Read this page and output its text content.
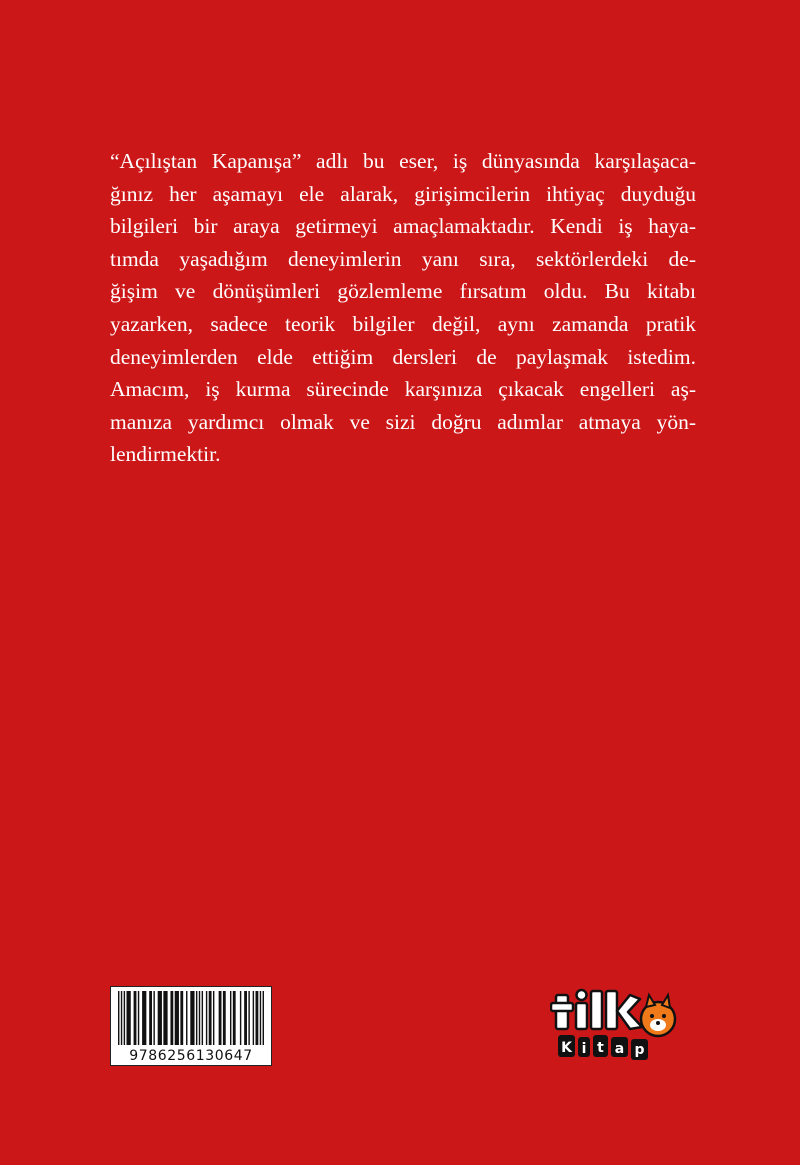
“Açılıştan Kapanışa” adlı bu eser, iş dünyasında karşılaşaca-
ğınız her aşamayı ele alarak, girişimcilerin ihtiyaç duyduğu
bilgileri bir araya getirmeyi amaçlamaktadır. Kendi iş haya-
tımda yaşadığım deneyimlerin yanı sıra, sektörlerdeki de-
ğişim ve dönüşümleri gözlemleme fırsatım oldu. Bu kitabı
yazarken, sadece teorik bilgiler değil, aynı zamanda pratik
deneyimlerden elde ettiğim dersleri de paylaşmak istedim.
Amacım, iş kurma sürecinde karşınıza çıkacak engelleri aş-
manıza yardımcı olmak ve sizi doğru adımlar atmaya yön-
lendirmektir.
9786256130647	K i t a p
